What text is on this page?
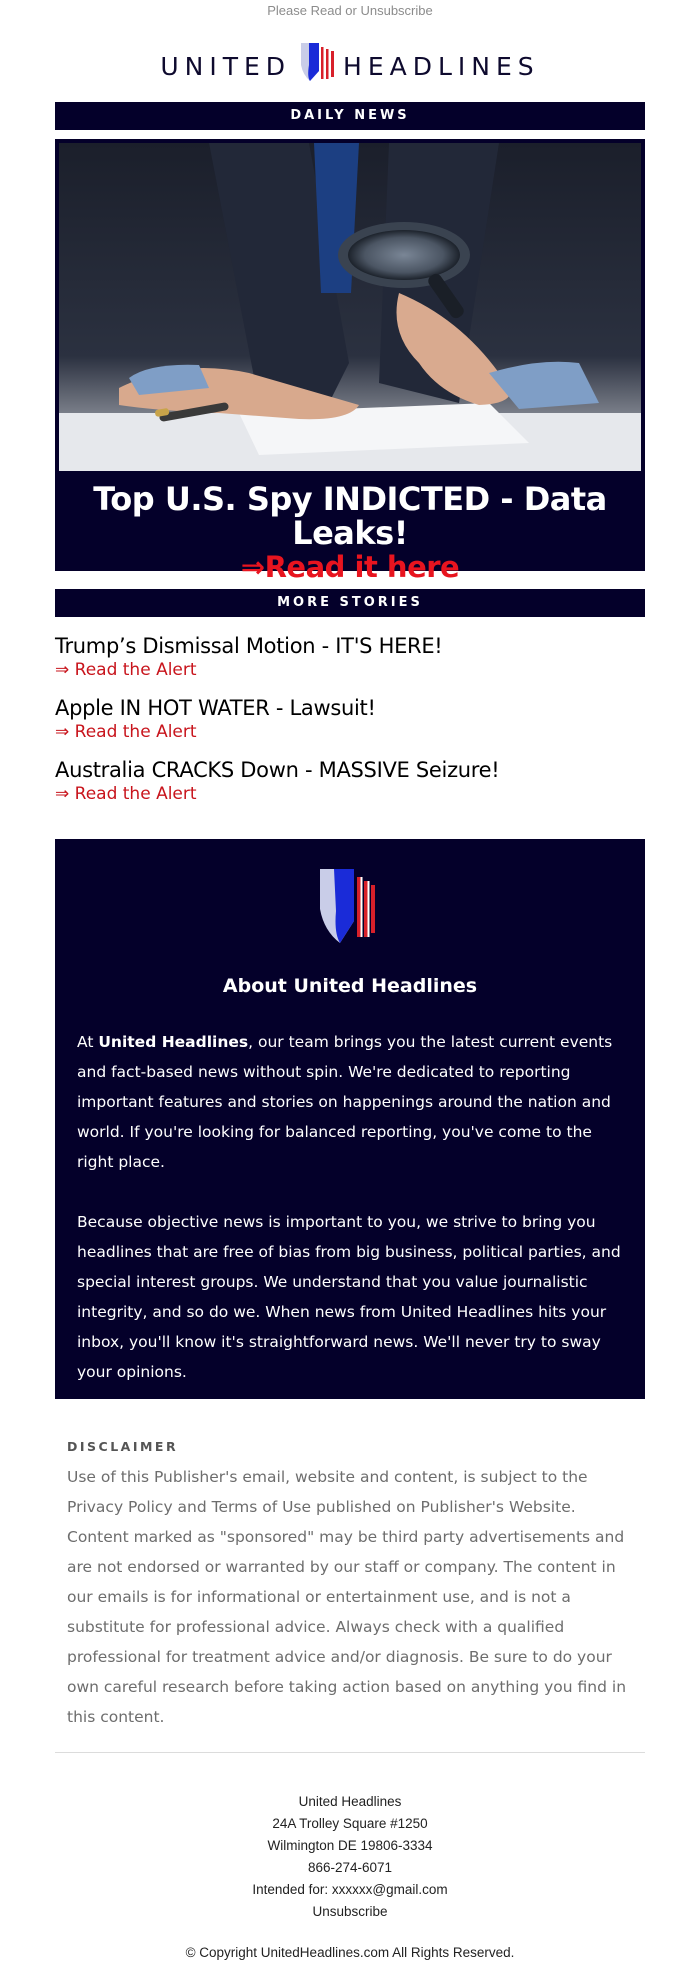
Please Read or Unsubscribe
UNITED HEADLINES
DAILY NEWS
Top U.S. Spy INDICTED - Data Leaks!
⇒Read it here
MORE STORIES
Trump’s Dismissal Motion - IT'S HERE!
⇒ Read the Alert
Apple IN HOT WATER - Lawsuit!
⇒ Read the Alert
Australia CRACKS Down - MASSIVE Seizure!
⇒ Read the Alert
About United Headlines

At United Headlines, our team brings you the latest current events and fact-based news without spin. We're dedicated to reporting important features and stories on happenings around the nation and world. If you're looking for balanced reporting, you've come to the right place.

Because objective news is important to you, we strive to bring you headlines that are free of bias from big business, political parties, and special interest groups. We understand that you value journalistic integrity, and so do we. When news from United Headlines hits your inbox, you'll know it's straightforward news. We'll never try to sway your opinions.

DISCLAIMER
Use of this Publisher's email, website and content, is subject to the Privacy Policy and Terms of Use published on Publisher's Website. Content marked as "sponsored" may be third party advertisements and are not endorsed or warranted by our staff or company. The content in our emails is for informational or entertainment use, and is not a substitute for professional advice. Always check with a qualified professional for treatment advice and/or diagnosis. Be sure to do your own careful research before taking action based on anything you find in this content.
United Headlines
24A Trolley Square #1250
Wilmington DE 19806-3334
866-274-6071
Intended for: xxxxxx@gmail.com
Unsubscribe
© Copyright UnitedHeadlines.com All Rights Reserved.
